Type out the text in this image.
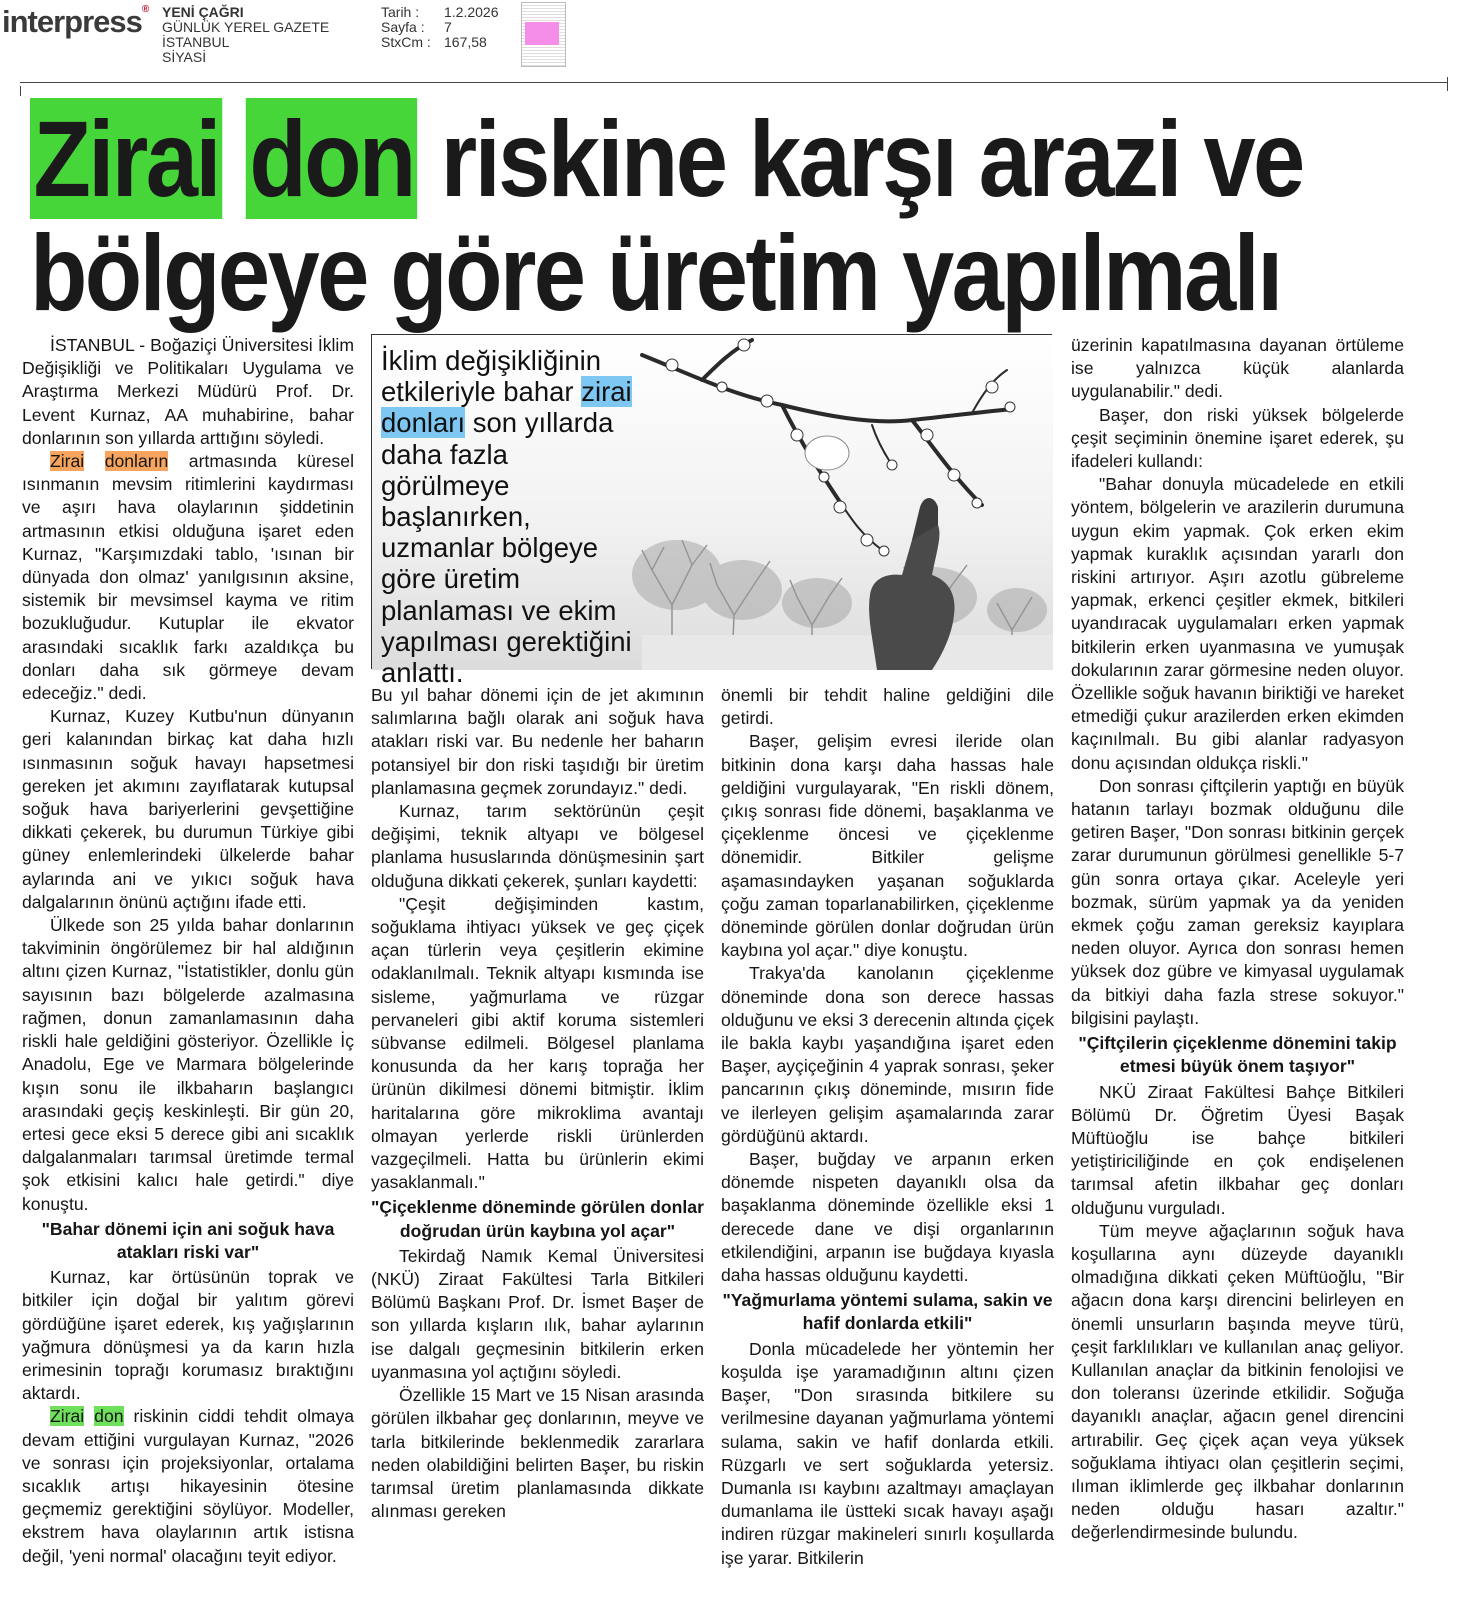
interpress® YENİ ÇAĞRI
GÜNLÜK YEREL GAZETE
İSTANBUL
SİYASİ
Tarih :	1.2.2026
Sayfa :	7
StxCm : 167,58
Zirai don riskine karşı arazi ve
bölgeye göre üretim yapılmalı

İSTANBUL - Boğaziçi Üniversitesi İklim Değişikliği ve Politikaları Uygulama ve Araştırma Merkezi Müdürü Prof. Dr. Levent Kurnaz, AA muhabirine, bahar donlarının son yıllarda arttığını söyledi.

Zirai donların artmasında küresel ısınmanın mevsim ritimlerini kaydırması ve aşırı hava olaylarının şiddetinin artmasının etkisi olduğuna işaret eden Kurnaz, "Karşımızdaki tablo, 'ısınan bir dünyada don olmaz' yanılgısının aksine, sistemik bir mevsimsel kayma ve ritim bozukluğudur. Kutuplar ile ekvator arasındaki sıcaklık farkı azaldıkça bu donları daha sık görmeye devam edeceğiz." dedi.

Kurnaz, Kuzey Kutbu'nun dünyanın geri kalanından birkaç kat daha hızlı ısınmasının soğuk havayı hapsetmesi gereken jet akımını zayıflatarak kutupsal soğuk hava bariyerlerini gevşettiğine dikkati çekerek, bu durumun Türkiye gibi güney enlemlerindeki ülkelerde bahar aylarında ani ve yıkıcı soğuk hava dalgalarının önünü açtığını ifade etti.

Ülkede son 25 yılda bahar donlarının takviminin öngörülemez bir hal aldığının altını çizen Kurnaz, "İstatistikler, donlu gün sayısının bazı bölgelerde azalmasına rağmen, donun zamanlamasının daha riskli hale geldiğini gösteriyor. Özellikle İç Anadolu, Ege ve Marmara bölgelerinde kışın sonu ile ilkbaharın başlangıcı arasındaki geçiş keskinleşti. Bir gün 20, ertesi gece eksi 5 derece gibi ani sıcaklık dalgalanmaları tarımsal üretimde termal şok etkisini kalıcı hale getirdi." diye konuştu.

"Bahar dönemi için ani soğuk hava atakları riski var"

Kurnaz, kar örtüsünün toprak ve bitkiler için doğal bir yalıtım görevi gördüğüne işaret ederek, kış yağışlarının yağmura dönüşmesi ya da karın hızla erimesinin toprağı korumasız bıraktığını aktardı.

Zirai don riskinin ciddi tehdit olmaya devam ettiğini vurgulayan Kurnaz, "2026 ve sonrası için projeksiyonlar, ortalama sıcaklık artışı hikayesinin ötesine geçmemiz gerektiğini söylüyor. Modeller, ekstrem hava olaylarının artık istisna değil, 'yeni normal' olacağını teyit ediyor.

İklim değişikliğinin etkileriyle bahar zirai donları son yıllarda daha fazla görülmeye başlanırken, uzmanlar bölgeye göre üretim planlaması ve ekim yapılması gerektiğini anlattı.

Bu yıl bahar dönemi için de jet akımının salımlarına bağlı olarak ani soğuk hava atakları riski var. Bu nedenle her baharın potansiyel bir don riski taşıdığı bir üretim planlamasına geçmek zorundayız." dedi.

Kurnaz, tarım sektörünün çeşit değişimi, teknik altyapı ve bölgesel planlama hususlarında dönüşmesinin şart olduğuna dikkati çekerek, şunları kaydetti:

"Çeşit değişiminden kastım, soğuklama ihtiyacı yüksek ve geç çiçek açan türlerin veya çeşitlerin ekimine odaklanılmalı. Teknik altyapı kısmında ise sisleme, yağmurlama ve rüzgar pervaneleri gibi aktif koruma sistemleri sübvanse edilmeli. Bölgesel planlama konusunda da her karış toprağa her ürünün dikilmesi dönemi bitmiştir. İklim haritalarına göre mikroklima avantajı olmayan yerlerde riskli ürünlerden vazgeçilmeli. Hatta bu ürünlerin ekimi yasaklanmalı."

"Çiçeklenme döneminde görülen donlar doğrudan ürün kaybına yol açar"

Tekirdağ Namık Kemal Üniversitesi (NKÜ) Ziraat Fakültesi Tarla Bitkileri Bölümü Başkanı Prof. Dr. İsmet Başer de son yıllarda kışların ılık, bahar aylarının ise dalgalı geçmesinin bitkilerin erken uyanmasına yol açtığını söyledi.

Özellikle 15 Mart ve 15 Nisan arasında görülen ilkbahar geç donlarının, meyve ve tarla bitkilerinde beklenmedik zararlara neden olabildiğini belirten Başer, bu riskin tarımsal üretim planlamasında dikkate alınması gereken

önemli bir tehdit haline geldiğini dile getirdi.

Başer, gelişim evresi ileride olan bitkinin dona karşı daha hassas hale geldiğini vurgulayarak, "En riskli dönem, çıkış sonrası fide dönemi, başaklanma ve çiçeklenme öncesi ve çiçeklenme dönemidir. Bitkiler gelişme aşamasındayken yaşanan soğuklarda çoğu zaman toparlanabilirken, çiçeklenme döneminde görülen donlar doğrudan ürün kaybına yol açar." diye konuştu.

Trakya'da kanolanın çiçeklenme döneminde dona son derece hassas olduğunu ve eksi 3 derecenin altında çiçek ile bakla kaybı yaşandığına işaret eden Başer, ayçiçeğinin 4 yaprak sonrası, şeker pancarının çıkış döneminde, mısırın fide ve ilerleyen gelişim aşamalarında zarar gördüğünü aktardı.

Başer, buğday ve arpanın erken dönemde nispeten dayanıklı olsa da başaklanma döneminde özellikle eksi 1 derecede dane ve dişi organlarının etkilendiğini, arpanın ise buğdaya kıyasla daha hassas olduğunu kaydetti.

"Yağmurlama yöntemi sulama, sakin ve hafif donlarda etkili"

Donla mücadelede her yöntemin her koşulda işe yaramadığının altını çizen Başer, "Don sırasında bitkilere su verilmesine dayanan yağmurlama yöntemi sulama, sakin ve hafif donlarda etkili. Rüzgarlı ve sert soğuklarda yetersiz. Dumanla ısı kaybını azaltmayı amaçlayan dumanlama ile üstteki sıcak havayı aşağı indiren rüzgar makineleri sınırlı koşullarda işe yarar. Bitkilerin

üzerinin kapatılmasına dayanan örtüleme ise yalnızca küçük alanlarda uygulanabilir." dedi.

Başer, don riski yüksek bölgelerde çeşit seçiminin önemine işaret ederek, şu ifadeleri kullandı:

"Bahar donuyla mücadelede en etkili yöntem, bölgelerin ve arazilerin durumuna uygun ekim yapmak. Çok erken ekim yapmak kuraklık açısından yararlı don riskini artırıyor. Aşırı azotlu gübreleme yapmak, erkenci çeşitler ekmek, bitkileri uyandıracak uygulamaları erken yapmak bitkilerin erken uyanmasına ve yumuşak dokularının zarar görmesine neden oluyor. Özellikle soğuk havanın biriktiği ve hareket etmediği çukur arazilerden erken ekimden kaçınılmalı. Bu gibi alanlar radyasyon donu açısından oldukça riskli."

Don sonrası çiftçilerin yaptığı en büyük hatanın tarlayı bozmak olduğunu dile getiren Başer, "Don sonrası bitkinin gerçek zarar durumunun görülmesi genellikle 5-7 gün sonra ortaya çıkar. Aceleyle yeri bozmak, sürüm yapmak ya da yeniden ekmek çoğu zaman gereksiz kayıplara neden oluyor. Ayrıca don sonrası hemen yüksek doz gübre ve kimyasal uygulamak da bitkiyi daha fazla strese sokuyor." bilgisini paylaştı.

"Çiftçilerin çiçeklenme dönemini takip etmesi büyük önem taşıyor"

NKÜ Ziraat Fakültesi Bahçe Bitkileri Bölümü Dr. Öğretim Üyesi Başak Müftüoğlu ise bahçe bitkileri yetiştiriciliğinde en çok endişelenen tarımsal afetin ilkbahar geç donları olduğunu vurguladı.

Tüm meyve ağaçlarının soğuk hava koşullarına aynı düzeyde dayanıklı olmadığına dikkati çeken Müftüoğlu, "Bir ağacın dona karşı direncini belirleyen en önemli unsurların başında meyve türü, çeşit farklılıkları ve kullanılan anaç geliyor. Kullanılan anaçlar da bitkinin fenolojisi ve don toleransı üzerinde etkilidir. Soğuğa dayanıklı anaçlar, ağacın genel direncini artırabilir. Geç çiçek açan veya yüksek soğuklama ihtiyacı olan çeşitlerin seçimi, ılıman iklimlerde geç ilkbahar donlarının neden olduğu hasarı azaltır." değerlendirmesinde bulundu.
